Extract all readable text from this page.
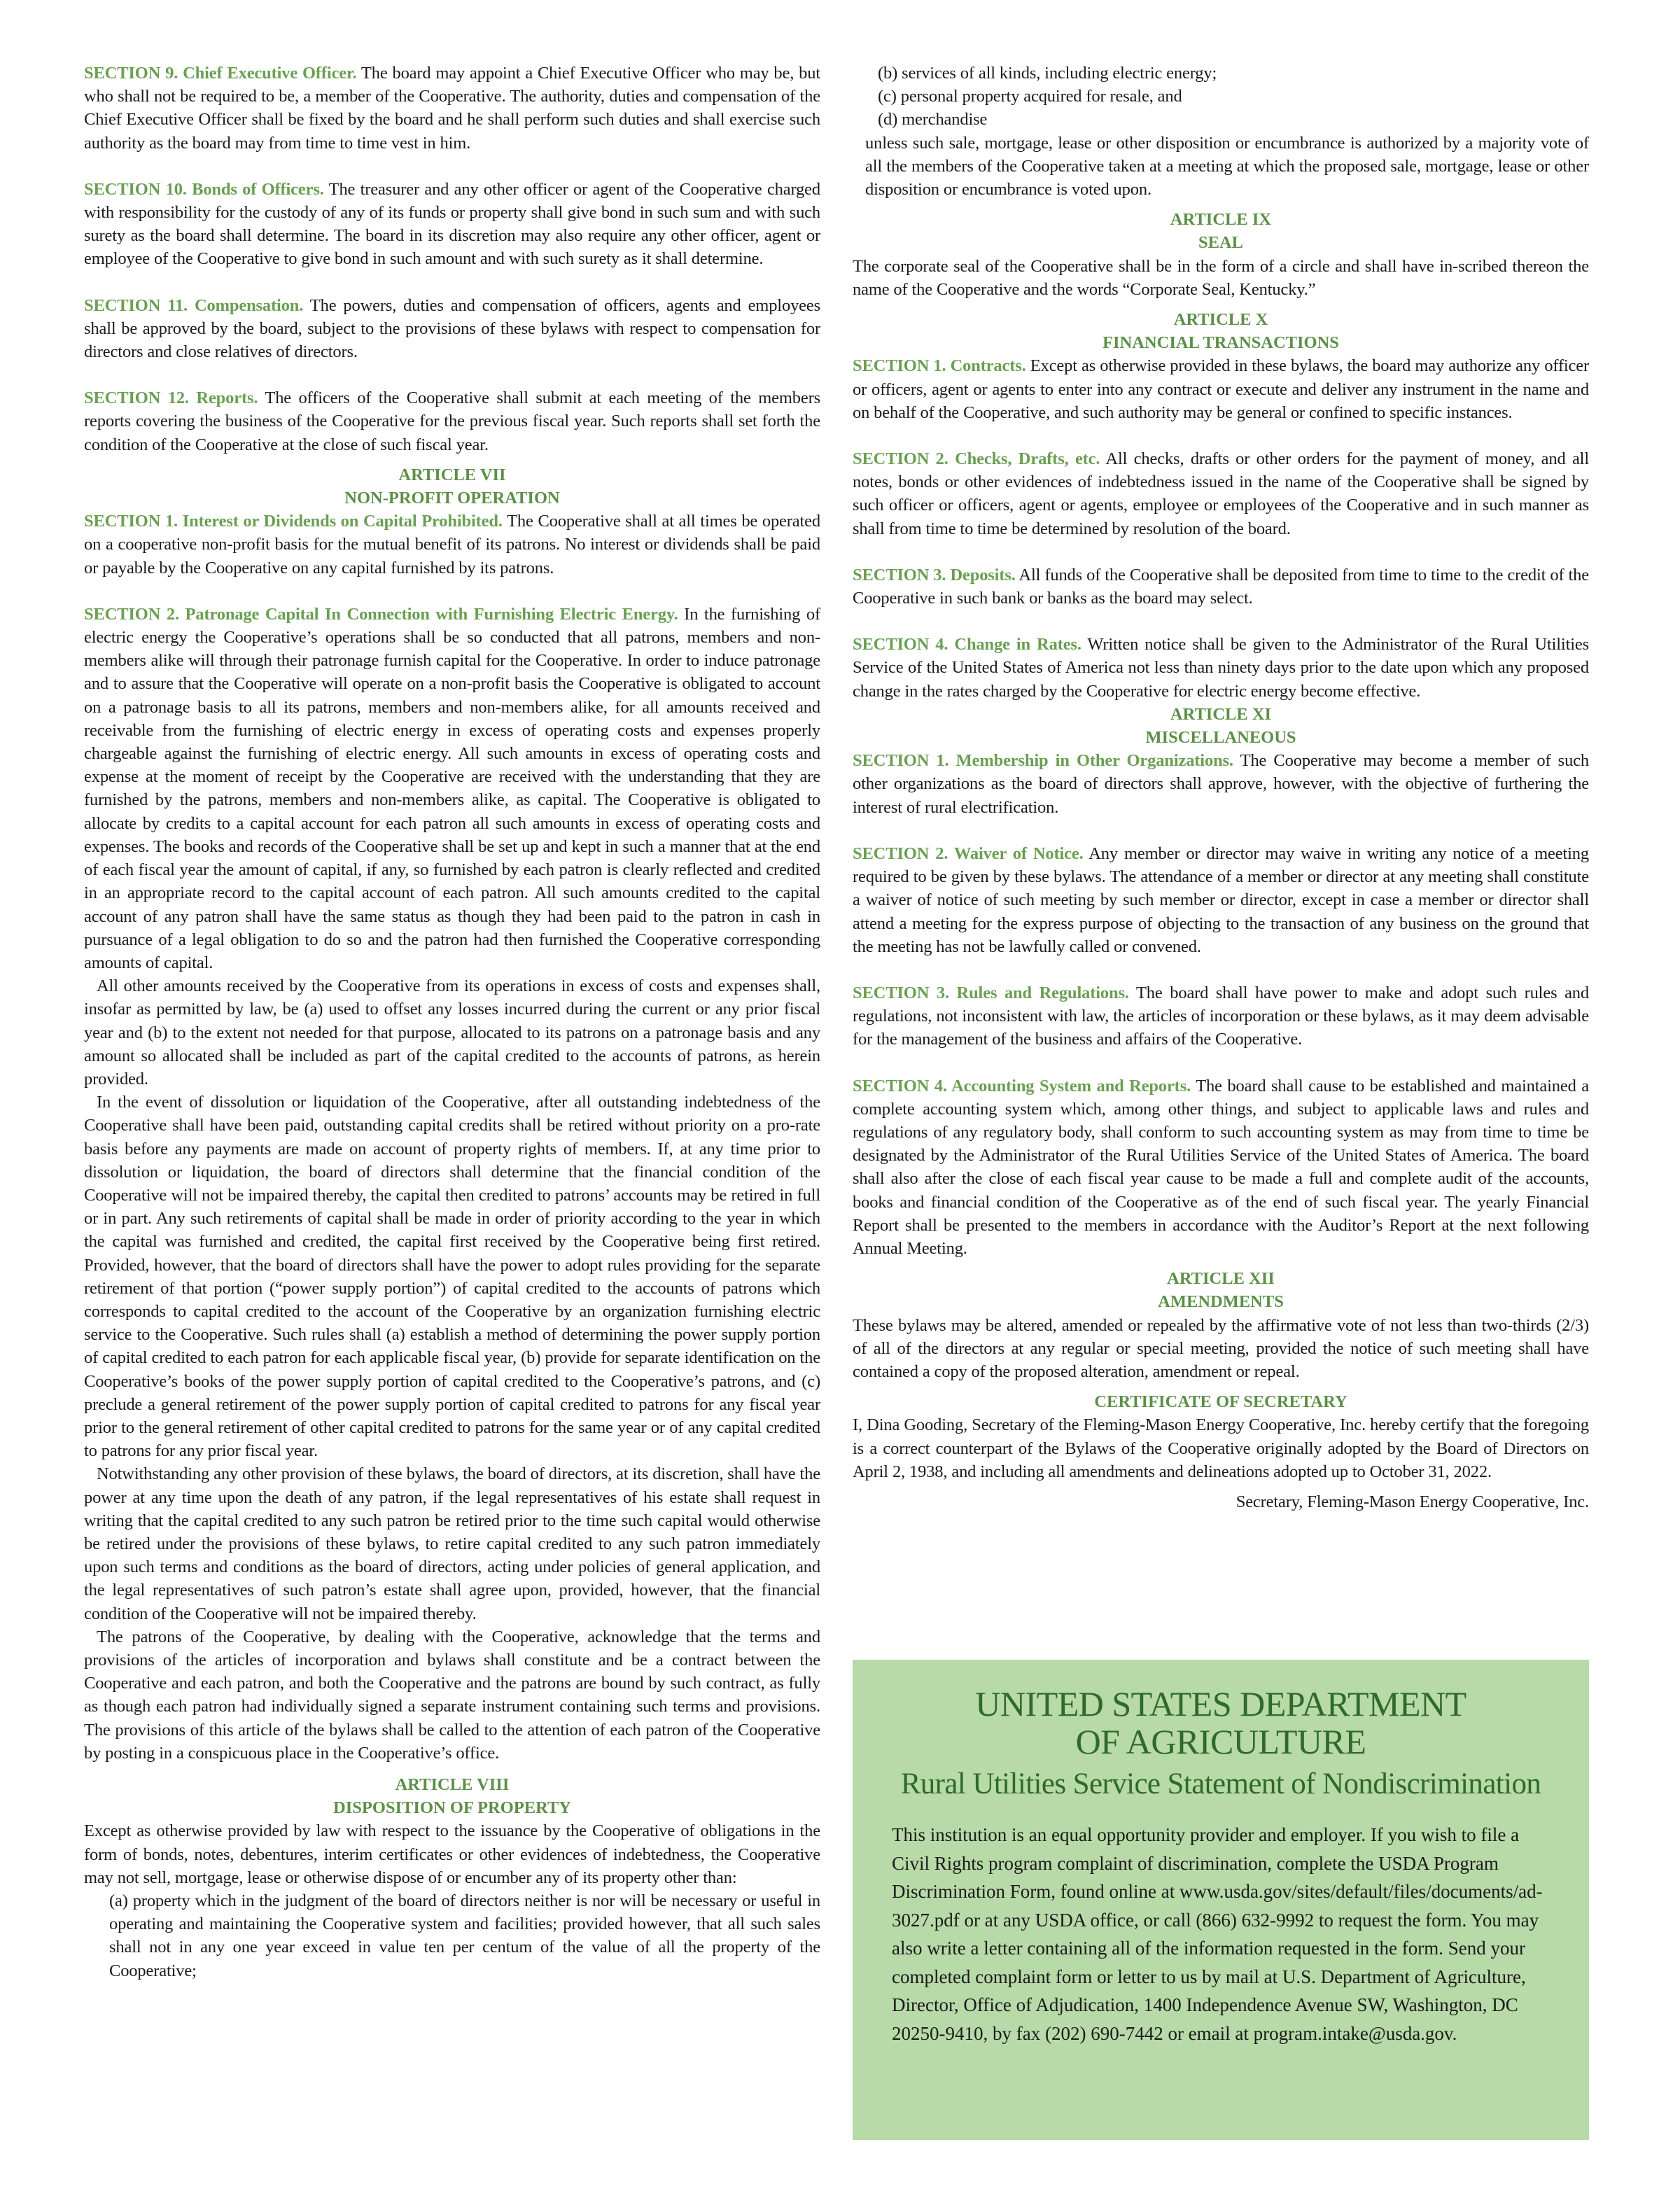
SECTION 9. Chief Executive Officer. The board may appoint a Chief Executive Officer who may be, but who shall not be required to be, a member of the Cooperative. The authority, duties and compensation of the Chief Executive Officer shall be fixed by the board and he shall perform such duties and shall exercise such authority as the board may from time to time vest in him.

SECTION 10. Bonds of Officers. The treasurer and any other officer or agent of the Cooperative charged with responsibility for the custody of any of its funds or property shall give bond in such sum and with such surety as the board shall determine. The board in its discretion may also require any other officer, agent or employee of the Cooperative to give bond in such amount and with such surety as it shall determine.

SECTION 11. Compensation. The powers, duties and compensation of officers, agents and employees shall be approved by the board, subject to the provisions of these bylaws with respect to compensation for directors and close relatives of directors.

SECTION 12. Reports. The officers of the Cooperative shall submit at each meeting of the members reports covering the business of the Cooperative for the previous fiscal year. Such reports shall set forth the condition of the Cooperative at the close of such fiscal year.

ARTICLE VII

NON-PROFIT OPERATION

SECTION 1. Interest or Dividends on Capital Prohibited. The Cooperative shall at all times be operated on a cooperative non-profit basis for the mutual benefit of its patrons. No interest or dividends shall be paid or payable by the Cooperative on any capital furnished by its patrons.

SECTION 2. Patronage Capital In Connection with Furnishing Electric Energy. In the furnishing of electric energy the Cooperative’s operations shall be so conducted that all patrons, members and non-members alike will through their patronage furnish capital for the Cooperative. In order to induce patronage and to assure that the Cooperative will operate on a non-profit basis the Cooperative is obligated to account on a patronage basis to all its patrons, members and non-members alike, for all amounts received and receivable from the furnishing of electric energy in excess of operating costs and expenses properly chargeable against the furnishing of electric energy. All such amounts in excess of operating costs and expense at the moment of receipt by the Cooperative are received with the understanding that they are furnished by the patrons, members and non-members alike, as capital. The Cooperative is obligated to allocate by credits to a capital account for each patron all such amounts in excess of operating costs and expenses. The books and records of the Cooperative shall be set up and kept in such a manner that at the end of each fiscal year the amount of capital, if any, so furnished by each patron is clearly reflected and credited in an appropriate record to the capital account of each patron. All such amounts credited to the capital account of any patron shall have the same status as though they had been paid to the patron in cash in pursuance of a legal obligation to do so and the patron had then furnished the Cooperative corresponding amounts of capital.

All other amounts received by the Cooperative from its operations in excess of costs and expenses shall, insofar as permitted by law, be (a) used to offset any losses incurred during the current or any prior fiscal year and (b) to the extent not needed for that purpose, allocated to its patrons on a patronage basis and any amount so allocated shall be included as part of the capital credited to the accounts of patrons, as herein provided.

In the event of dissolution or liquidation of the Cooperative, after all outstanding indebtedness of the Cooperative shall have been paid, outstanding capital credits shall be retired without priority on a pro-rate basis before any payments are made on account of property rights of members. If, at any time prior to dissolution or liquidation, the board of directors shall determine that the financial condition of the Cooperative will not be impaired thereby, the capital then credited to patrons’ accounts may be retired in full or in part. Any such retirements of capital shall be made in order of priority according to the year in which the capital was furnished and credited, the capital first received by the Cooperative being first retired. Provided, however, that the board of directors shall have the power to adopt rules providing for the separate retirement of that portion (“power supply portion”) of capital credited to the accounts of patrons which corresponds to capital credited to the account of the Cooperative by an organization furnishing electric service to the Cooperative. Such rules shall (a) establish a method of determining the power supply portion of capital credited to each patron for each applicable fiscal year, (b) provide for separate identification on the Cooperative’s books of the power supply portion of capital credited to the Cooperative’s patrons, and (c) preclude a general retirement of the power supply portion of capital credited to patrons for any fiscal year prior to the general retirement of other capital credited to patrons for the same year or of any capital credited to patrons for any prior fiscal year.

Notwithstanding any other provision of these bylaws, the board of directors, at its discretion, shall have the power at any time upon the death of any patron, if the legal representatives of his estate shall request in writing that the capital credited to any such patron be retired prior to the time such capital would otherwise be retired under the provisions of these bylaws, to retire capital credited to any such patron immediately upon such terms and conditions as the board of directors, acting under policies of general application, and the legal representatives of such patron’s estate shall agree upon, provided, however, that the financial condition of the Cooperative will not be impaired thereby.

The patrons of the Cooperative, by dealing with the Cooperative, acknowledge that the terms and provisions of the articles of incorporation and bylaws shall constitute and be a contract between the Cooperative and each patron, and both the Cooperative and the patrons are bound by such contract, as fully as though each patron had individually signed a separate instrument containing such terms and provisions. The provisions of this article of the bylaws shall be called to the attention of each patron of the Cooperative by posting in a conspicuous place in the Cooperative’s office.

ARTICLE VIII

DISPOSITION OF PROPERTY

Except as otherwise provided by law with respect to the issuance by the Cooperative of obligations in the form of bonds, notes, debentures, interim certificates or other evidences of indebtedness, the Cooperative may not sell, mortgage, lease or otherwise dispose of or encumber any of its property other than:

(a) property which in the judgment of the board of directors neither is nor will be necessary or useful in operating and maintaining the Cooperative system and facilities; provided however, that all such sales shall not in any one year exceed in value ten per centum of the value of all the property of the Cooperative;

(b) services of all kinds, including electric energy;

(c) personal property acquired for resale, and

(d) merchandise

unless such sale, mortgage, lease or other disposition or encumbrance is authorized by a majority vote of all the members of the Cooperative taken at a meeting at which the proposed sale, mortgage, lease or other disposition or encumbrance is voted upon.

ARTICLE IX

SEAL

The corporate seal of the Cooperative shall be in the form of a circle and shall have in-scribed thereon the name of the Cooperative and the words “Corporate Seal, Kentucky.”

ARTICLE X

FINANCIAL TRANSACTIONS

SECTION 1. Contracts. Except as otherwise provided in these bylaws, the board may authorize any officer or officers, agent or agents to enter into any contract or execute and deliver any instrument in the name and on behalf of the Cooperative, and such authority may be general or confined to specific instances.

SECTION 2. Checks, Drafts, etc. All checks, drafts or other orders for the payment of money, and all notes, bonds or other evidences of indebtedness issued in the name of the Cooperative shall be signed by such officer or officers, agent or agents, employee or employees of the Cooperative and in such manner as shall from time to time be determined by resolution of the board.

SECTION 3. Deposits. All funds of the Cooperative shall be deposited from time to time to the credit of the Cooperative in such bank or banks as the board may select.

SECTION 4. Change in Rates. Written notice shall be given to the Administrator of the Rural Utilities Service of the United States of America not less than ninety days prior to the date upon which any proposed change in the rates charged by the Cooperative for electric energy become effective.

ARTICLE XI

MISCELLANEOUS

SECTION 1. Membership in Other Organizations. The Cooperative may become a member of such other organizations as the board of directors shall approve, however, with the objective of furthering the interest of rural electrification.

SECTION 2. Waiver of Notice. Any member or director may waive in writing any notice of a meeting required to be given by these bylaws. The attendance of a member or director at any meeting shall constitute a waiver of notice of such meeting by such member or director, except in case a member or director shall attend a meeting for the express purpose of objecting to the transaction of any business on the ground that the meeting has not be lawfully called or convened.

SECTION 3. Rules and Regulations. The board shall have power to make and adopt such rules and regulations, not inconsistent with law, the articles of incorporation or these bylaws, as it may deem advisable for the management of the business and affairs of the Cooperative.

SECTION 4. Accounting System and Reports. The board shall cause to be established and maintained a complete accounting system which, among other things, and subject to applicable laws and rules and regulations of any regulatory body, shall conform to such accounting system as may from time to time be designated by the Administrator of the Rural Utilities Service of the United States of America. The board shall also after the close of each fiscal year cause to be made a full and complete audit of the accounts, books and financial condition of the Cooperative as of the end of such fiscal year. The yearly Financial Report shall be presented to the members in accordance with the Auditor’s Report at the next following Annual Meeting.

ARTICLE XII

AMENDMENTS

These bylaws may be altered, amended or repealed by the affirmative vote of not less than two-thirds (2/3) of all of the directors at any regular or special meeting, provided the notice of such meeting shall have contained a copy of the proposed alteration, amendment or repeal.

CERTIFICATE OF SECRETARY

I, Dina Gooding, Secretary of the Fleming-Mason Energy Cooperative, Inc. hereby certify that the foregoing is a correct counterpart of the Bylaws of the Cooperative originally adopted by the Board of Directors on April 2, 1938, and including all amendments and delineations adopted up to October 31, 2022.

Secretary, Fleming-Mason Energy Cooperative, Inc.

UNITED STATES DEPARTMENT

OF AGRICULTURE

Rural Utilities Service Statement of Nondiscrimination

This institution is an equal opportunity provider and employer. If you wish to file a Civil Rights program complaint of discrimination, complete the USDA Program Discrimination Form, found online at www.usda.gov/sites/default/files/documents/ad-3027.pdf or at any USDA office, or call (866) 632-9992 to request the form. You may also write a letter containing all of the information requested in the form. Send your completed complaint form or letter to us by mail at U.S. Department of Agriculture, Director, Office of Adjudication, 1400 Independence Avenue SW, Washington, DC 20250-9410, by fax (202) 690-7442 or email at program.intake@usda.gov.
